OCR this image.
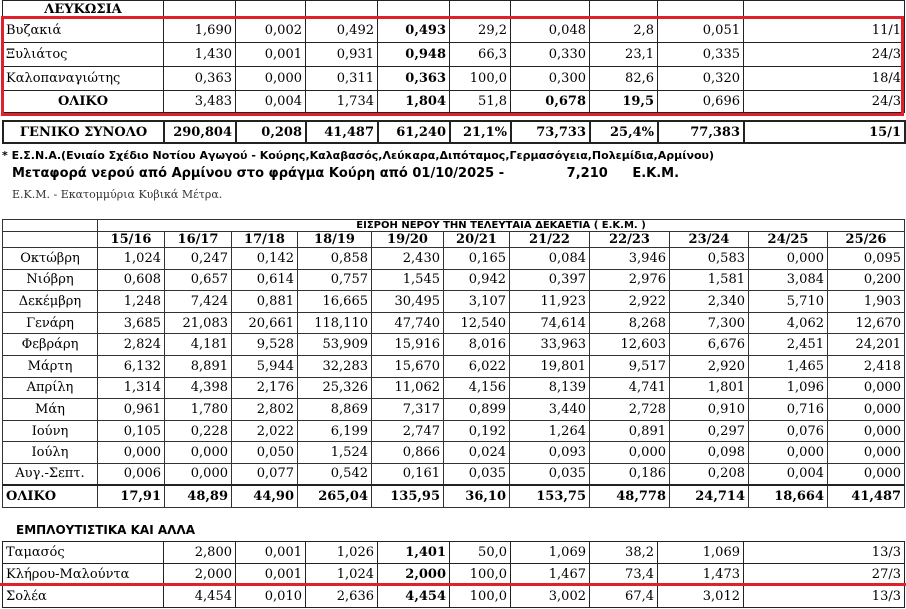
ΛΕΥΚΩΣΙΑ									
Βυζακιά	1,690	0,002	0,492	0,493	29,2	0,048	2,8	0,051	11/1
Ξυλιάτος	1,430	0,001	0,931	0,948	66,3	0,330	23,1	0,335	24/3
Καλοπαναγιώτης	0,363	0,000	0,311	0,363	100,0	0,300	82,6	0,320	18/4
ΟΛΙΚΟ	3,483	0,004	1,734	1,804	51,8	0,678	19,5	0,696	24/3
ΓΕΝΙΚΟ ΣΥΝΟΛΟ	290,804	0,208	41,487	61,240	21,1%	73,733	25,4%	77,383	15/1
* Ε.Σ.Ν.Α.(Ενιαίο Σχέδιο Νοτίου Αγωγού - Κούρης,Καλαβασός,Λεύκαρα,Διπόταμος,Γερμασόγεια,Πολεμίδια,Αρμίνου)
Μεταφορά νερού από Αρμίνου στο φράγμα Κούρη από 01/10/2025 -	7,210 Ε.Κ.Μ.
Ε.Κ.Μ. - Εκατομμύρια Κυβικά Μέτρα.
	ΕΙΣΡΟΗ ΝΕΡΟΥ ΤΗΝ ΤΕΛΕΥΤΑΙΑ ΔΕΚΑΕΤΙΑ ( Ε.Κ.Μ. )										
	15/16	16/17	17/18	18/19	19/20	20/21	21/22	22/23	23/24	24/25	25/26
Οκτώβρη	1,024	0,247	0,142	0,858	2,430	0,165	0,084	3,946	0,583	0,000	0,095
Νιόβρη	0,608	0,657	0,614	0,757	1,545	0,942	0,397	2,976	1,581	3,084	0,200
Δεκέμβρη	1,248	7,424	0,881	16,665	30,495	3,107	11,923	2,922	2,340	5,710	1,903
Γενάρη	3,685	21,083	20,661	118,110	47,740	12,540	74,614	8,268	7,300	4,062	12,670
Φεβράρη	2,824	4,181	9,528	53,909	15,916	8,016	33,963	12,603	6,676	2,451	24,201
Μάρτη	6,132	8,891	5,944	32,283	15,670	6,022	19,801	9,517	2,920	1,465	2,418
Απρίλη	1,314	4,398	2,176	25,326	11,062	4,156	8,139	4,741	1,801	1,096	0,000
Μάη	0,961	1,780	2,802	8,869	7,317	0,899	3,440	2,728	0,910	0,716	0,000
Ιούνη	0,105	0,228	2,022	6,199	2,747	0,192	1,264	0,891	0,297	0,076	0,000
Ιούλη	0,000	0,000	0,050	1,524	0,866	0,024	0,093	0,000	0,098	0,000	0,000
Αυγ.-Σεπτ.	0,006	0,000	0,077	0,542	0,161	0,035	0,035	0,186	0,208	0,004	0,000
ΟΛΙΚΟ	17,91	48,89	44,90	265,04	135,95	36,10	153,75	48,778	24,714	18,664	41,487
ΕΜΠΛΟΥΤΙΣΤΙΚΑ ΚΑΙ ΑΛΛΑ
Ταμασός	2,800	0,001	1,026	1,401	50,0	1,069	38,2	1,069	13/3
Κλήρου-Μαλούντα	2,000	0,001	1,024	2,000	100,0	1,467	73,4	1,473	27/3
Σολέα	4,454	0,010	2,636	4,454	100,0	3,002	67,4	3,012	13/3
